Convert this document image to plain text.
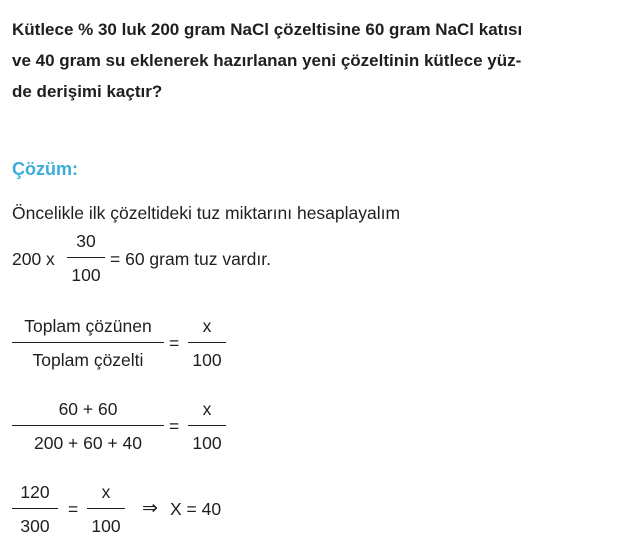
Kütlece % 30 luk 200 gram NaCl çözeltisine 60 gram NaCl katısı
ve 40 gram su eklenerek hazırlanan yeni çözeltinin kütlece yüz-
de derişimi kaçtır?
Çözüm:
Öncelikle ilk çözeltideki tuz miktarını hesaplayalım
200 x
30
100
= 60 gram tuz vardır.
Toplam çözünen
Toplam çözelti
=
x
100
60 + 60
200 + 60 + 40
=
x
100
120
300
=
x
100
⇒ X = 40
